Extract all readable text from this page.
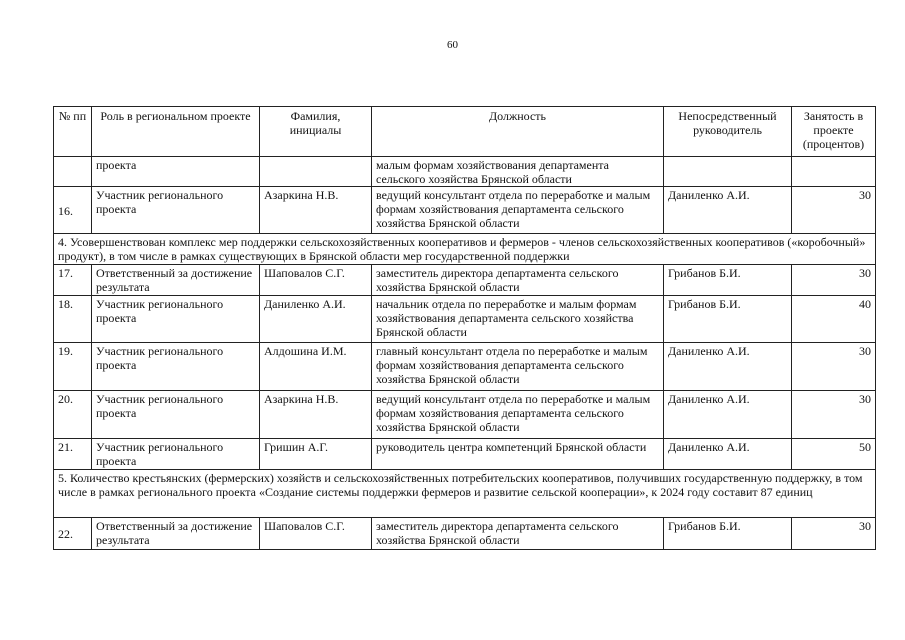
60
№ пп	Роль в региональном проекте	Фамилия, инициалы	Должность	Непосредственный руководитель	Занятость в проекте (процентов)
	проекта		малым формам хозяйствования департамента сельского хозяйства Брянской области		
16.	Участник регионального проекта	Азаркина Н.В.	ведущий консультант отдела по переработке и малым формам хозяйствования департамента сельского хозяйства Брянской области	Даниленко А.И.	30
4. Усовершенствован комплекс мер поддержки сельскохозяйственных кооперативов и фермеров - членов сельскохозяйственных кооперативов («коробочный» продукт), в том числе в рамках существующих в Брянской области мер государственной поддержки					
17.	Ответственный за достижение результата	Шаповалов С.Г.	заместитель директора департамента сельского хозяйства Брянской области	Грибанов Б.И.	30
18.	Участник регионального проекта	Даниленко А.И.	начальник отдела по переработке и малым формам хозяйствования департамента сельского хозяйства Брянской области	Грибанов Б.И.	40
19.	Участник регионального проекта	Алдошина И.М.	главный консультант отдела по переработке и малым формам хозяйствования департамента сельского хозяйства Брянской области	Даниленко А.И.	30
20.	Участник регионального проекта	Азаркина Н.В.	ведущий консультант отдела по переработке и малым формам хозяйствования департамента сельского хозяйства Брянской области	Даниленко А.И.	30
21.	Участник регионального проекта	Гришин А.Г.	руководитель центра компетенций Брянской области	Даниленко А.И.	50
5. Количество крестьянских (фермерских) хозяйств и сельскохозяйственных потребительских кооперативов, получивших государственную поддержку, в том числе в рамках регионального проекта «Создание системы поддержки фермеров и развитие сельской кооперации», к 2024 году составит 87 единиц					
22.	Ответственный за достижение результата	Шаповалов С.Г.	заместитель директора департамента сельского хозяйства Брянской области	Грибанов Б.И.	30
